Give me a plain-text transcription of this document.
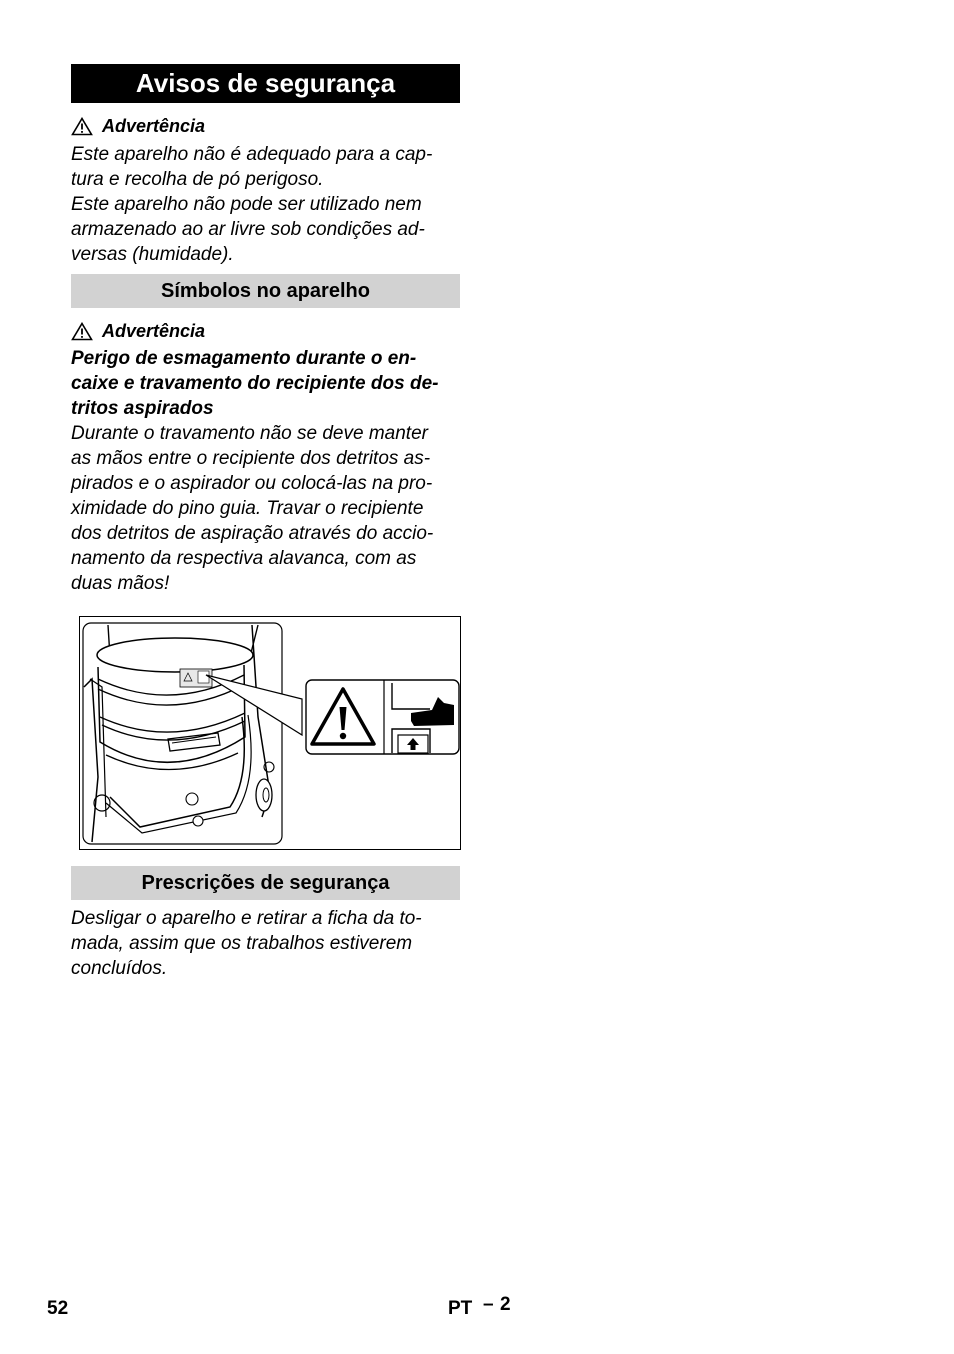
Avisos de segurança
Advertência
Este aparelho não é adequado para a cap-
tura e recolha de pó perigoso.
Este aparelho não pode ser utilizado nem
armazenado ao ar livre sob condições ad-
versas (humidade).
Símbolos no aparelho
Advertência
Perigo de esmagamento durante o en-
caixe e travamento do recipiente dos de-
tritos aspirados
Durante o travamento não se deve manter
as mãos entre o recipiente dos detritos as-
pirados e o aspirador ou colocá-las na pro-
ximidade do pino guia. Travar o recipiente
dos detritos de aspiração através do accio-
namento da respectiva alavanca, com as
duas mãos!
Prescrições de segurança
Desligar o aparelho e retirar a ficha da to-
mada, assim que os trabalhos estiverem
concluídos.
52	PT – 2
